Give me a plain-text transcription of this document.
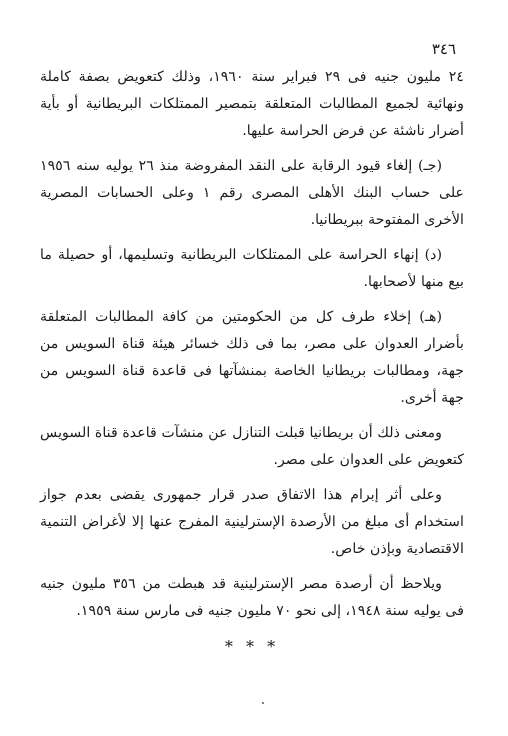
٣٤٦

٢٤ مليون جنيه فى ٢٩ فبراير سنة ١٩٦٠، وذلك كتعويض بصفة كاملة ونهائية لجميع المطالبات المتعلقة بتمصير الممتلكات البريطانية أو بأية أضرار ناشئة عن فرض الحراسة عليها.

(جـ) إلغاء قيود الرقابة على النقد المفروضة منذ ٢٦ يوليه سنه ١٩٥٦ على حساب البنك الأهلى المصرى رقم ١ وعلى الحسابات المصرية الأخرى المفتوحة ببريطانيا.

(د) إنهاء الحراسة على الممتلكات البريطانية وتسليمها، أو حصيلة ما بيع منها لأصحابها.

(هـ) إخلاء طرف كل من الحكومتين من كافة المطالبات المتعلقة بأضرار العدوان على مصر، بما فى ذلك خسائر هيئة قناة السويس من جهة، ومطالبات بريطانيا الخاصة بمنشآتها فى قاعدة قناة السويس من جهة أخرى.

ومعنى ذلك أن بريطانيا قبلت التنازل عن منشآت قاعدة قناة السويس كتعويض على العدوان على مصر.

وعلى أثر إبرام هذا الاتفاق صدر قرار جمهورى يقضى بعدم جواز استخدام أى مبلغ من الأرصدة الإسترلينية المفرج عنها إلا لأغراض التنمية الاقتصادية وبإذن خاص.

ويلاحظ أن أرصدة مصر الإسترلينية قد هبطت من ٣٥٦ مليون جنيه فى يوليه سنة ١٩٤٨، إلى نحو ٧٠ مليون جنيه فى مارس سنة ١٩٥٩.

* * *
